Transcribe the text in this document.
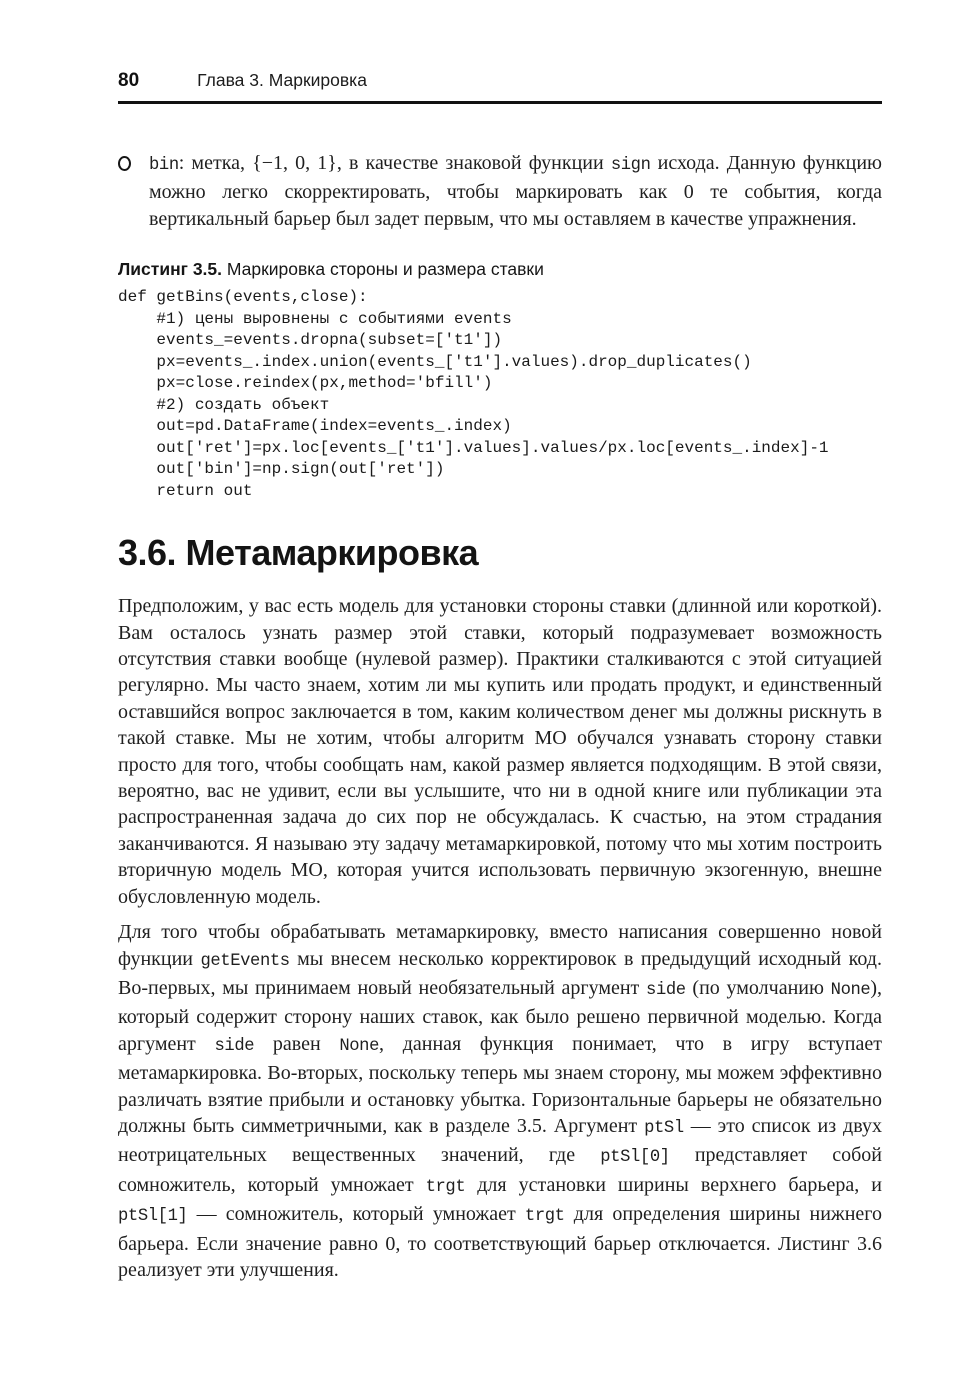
80	Глава 3. Маркировка
bin: метка, {−1, 0, 1}, в качестве знаковой функции sign исхода. Данную функцию можно легко скорректировать, чтобы маркировать как 0 те события, когда вертикальный барьер был задет первым, что мы оставляем в качестве упражнения.
Листинг 3.5. Маркировка стороны и размера ставки
def getBins(events,close):
#1) цены выровнены с событиями events
events_=events.dropna(subset=['t1'])
px=events_.index.union(events_['t1'].values).drop_duplicates()
px=close.reindex(px,method='bfill')
#2) создать объект
out=pd.DataFrame(index=events_.index)
out['ret']=px.loc[events_['t1'].values].values/px.loc[events_.index]-1
out['bin']=np.sign(out['ret'])
return out
3.6. Метамаркировка

Предположим, у вас есть модель для установки стороны ставки (длинной или короткой). Вам осталось узнать размер этой ставки, который подразумевает возможность отсутствия ставки вообще (нулевой размер). Практики сталкиваются с этой ситуацией регулярно. Мы часто знаем, хотим ли мы купить или продать продукт, и единственный оставшийся вопрос заключается в том, каким количеством денег мы должны рискнуть в такой ставке. Мы не хотим, чтобы алгоритм МО обучался узнавать сторону ставки просто для того, чтобы сообщать нам, какой размер является подходящим. В этой связи, вероятно, вас не удивит, если вы услышите, что ни в одной книге или публикации эта распространенная задача до сих пор не обсуждалась. К счастью, на этом страдания заканчиваются. Я называю эту задачу метамаркировкой, потому что мы хотим построить вторичную модель МО, которая учится использовать первичную экзогенную, внешне обусловленную модель.

Для того чтобы обрабатывать метамаркировку, вместо написания совершенно новой функции getEvents мы внесем несколько корректировок в предыдущий исходный код. Во-первых, мы принимаем новый необязательный аргумент side (по умолчанию None), который содержит сторону наших ставок, как было решено первичной моделью. Когда аргумент side равен None, данная функция понимает, что в игру вступает метамаркировка. Во-вторых, поскольку теперь мы знаем сторону, мы можем эффективно различать взятие прибыли и остановку убытка. Горизонтальные барьеры не обязательно должны быть симметричными, как в разделе 3.5. Аргумент ptSl — это список из двух неотрицательных вещественных значений, где ptSl[0] представляет собой сомножитель, который умножает trgt для установки ширины верхнего барьера, и ptSl[1] — сомножитель, который умножает trgt для определения ширины нижнего барьера. Если значение равно 0, то соответствующий барьер отключается. Листинг 3.6 реализует эти улучшения.
